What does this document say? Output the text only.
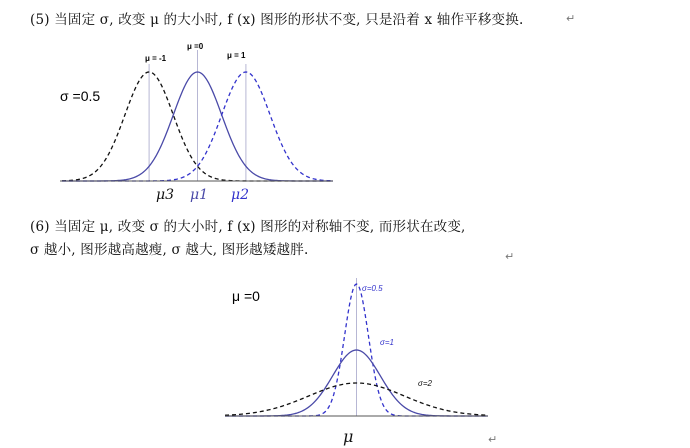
(5) 当固定 σ, 改变 μ 的大小时, f (x) 图形的形状不变, 只是沿着 x 轴作平移变换.	↵
(6) 当固定 μ, 改变 σ 的大小时, f (x) 图形的对称轴不变, 而形状在改变,
σ 越小, 图形越高越瘦, σ 越大, 图形越矮越胖.	↵
↵
σ =0.5
μ = -1
μ =0
μ = 1
μ3 μ1 μ2
μ =0	σ=0.5
σ=1
σ=2
μ
